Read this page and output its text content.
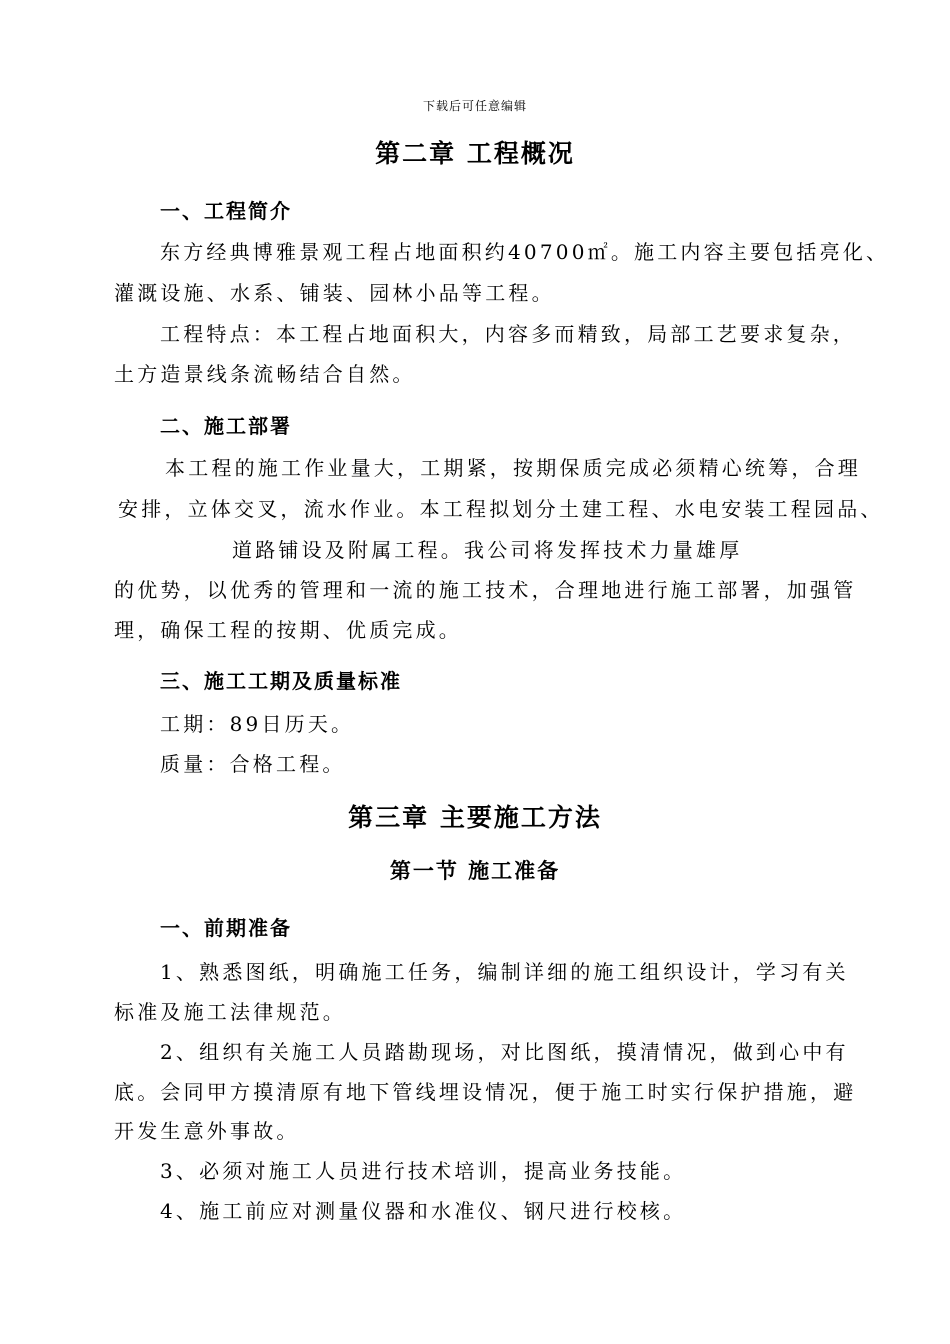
下载后可任意编辑
第二章 工程概况
一、工程简介
东方经典博雅景观工程占地面积约40700㎡。施工内容主要包括亮化、
灌溉设施、水系、铺装、园林小品等工程。
工程特点：本工程占地面积大，内容多而精致，局部工艺要求复杂，
土方造景线条流畅结合自然。
二、施工部署
本工程的施工作业量大，工期紧，按期保质完成必须精心统筹，合理
安排，立体交叉，流水作业。本工程拟划分土建工程、水电安装工程园品、
道路铺设及附属工程。我公司将发挥技术力量雄厚
的优势，以优秀的管理和一流的施工技术，合理地进行施工部署，加强管
理，确保工程的按期、优质完成。
三、施工工期及质量标准
工期：89日历天。
质量：合格工程。
第三章 主要施工方法
第一节 施工准备
一、前期准备
1、熟悉图纸，明确施工任务，编制详细的施工组织设计，学习有关
标准及施工法律规范。
2、组织有关施工人员踏勘现场，对比图纸，摸清情况，做到心中有
底。会同甲方摸清原有地下管线埋设情况，便于施工时实行保护措施，避
开发生意外事故。
3、必须对施工人员进行技术培训，提高业务技能。
4、施工前应对测量仪器和水准仪、钢尺进行校核。
